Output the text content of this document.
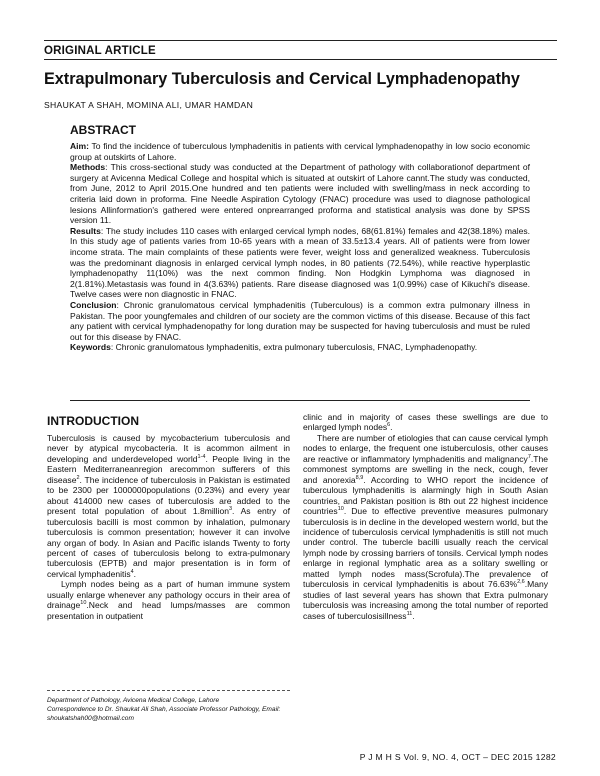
ORIGINAL ARTICLE
Extrapulmonary Tuberculosis and Cervical Lymphadenopathy
SHAUKAT A SHAH, MOMINA ALI, UMAR HAMDAN
ABSTRACT

Aim: To find the incidence of tuberculous lymphadenitis in patients with cervical lymphadenopathy in low socio economic group at outskirts of Lahore.

Methods: This cross-sectional study was conducted at the Department of pathology with collaborationof department of surgery at Avicenna Medical College and hospital which is situated at outskirt of Lahore cannt.The study was conducted, from June, 2012 to April 2015.One hundred and ten patients were included with swelling/mass in neck according to criteria laid down in proforma. Fine Needle Aspiration Cytology (FNAC) procedure was used to diagnose pathological lesions Allinformation's gathered were entered onprearranged proforma and statistical analysis was done by SPSS version 11.

Results: The study includes 110 cases with enlarged cervical lymph nodes, 68(61.81%) females and 42(38.18%) males. In this study age of patients varies from 10-65 years with a mean of 33.5±13.4 years. All of patients were from lower income strata. The main complaints of these patients were fever, weight loss and generalized weakness. Tuberculosis was the predominant diagnosis in enlarged cervical lymph nodes, in 80 patients (72.54%), while reactive hyperplastic lymphadenopathy 11(10%) was the next common finding. Non Hodgkin Lymphoma was diagnosed in 2(1.81%).Metastasis was found in 4(3.63%) patients. Rare disease diagnosed was 1(0.99%) case of Kikuchi's disease. Twelve cases were non diagnostic in FNAC.

Conclusion: Chronic granulomatous cervical lymphadenitis (Tuberculous) is a common extra pulmonary illness in Pakistan. The poor youngfemales and children of our society are the common victims of this disease. Because of this fact any patient with cervical lymphadenopathy for long duration may be suspected for having tuberculosis and must be ruled out for this disease by FNAC.

Keywords: Chronic granulomatous lymphadenitis, extra pulmonary tuberculosis, FNAC, Lymphadenopathy.

INTRODUCTION

Tuberculosis is caused by mycobacterium tuberculosis and never by atypical mycobacteria. It is acommon ailment in developing and underdeveloped world$^{1-4}$. People living in the Eastern Mediterraneanregion arecommon sufferers of this disease$^2$. The incidence of tuberculosis in Pakistan is estimated to be 2300 per 1000000populations (0.23%) and every year about 414000 new cases of tuberculosis are added to the present total population of about 1.8million$^3$. As entry of tuberculosis bacilli is most common by inhalation, pulmonary tuberculosis is common presentation; however it can involve any organ of body. In Asian and Pacific islands Twenty to forty percent of cases of tuberculosis belong to extra-pulmonary tuberculosis (EPTB) and major presentation is in form of cervical lymphadenitis$^4$.

Lymph nodes being as a part of human immune system usually enlarge whenever any pathology occurs in their area of drainage$^{10}$.Neck and head lumps/masses are common presentation in outpatient

clinic and in majority of cases these swellings are due to enlarged lymph nodes$^6$.

There are number of etiologies that can cause cervical lymph nodes to enlarge, the frequent one istuberculosis, other causes are reactive or inflammatory lymphadenitis and malignancy$^7$.The commonest symptoms are swelling in the neck, cough, fever and anorexia$^{8,9}$. According to WHO report the incidence of tuberculous lymphadenitis is alarmingly high in South Asian countries, and Pakistan position is 8th out 22 highest incidence countries$^{10}$. Due to effective preventive measures pulmonary tuberculosis is in decline in the developed western world, but the incidence of tuberculosis cervical lymphadenitis is still not much under control. The tubercle bacilli usually reach the cervical lymph node by crossing barriers of tonsils. Cervical lymph nodes enlarge in regional lymphatic area as a solitary swelling or matted lymph nodes mass(Scrofula).The prevalence of tuberculosis in cervical lymphadenitis is about 76.63%$^{2,6}$.Many studies of last several years has shown that Extra pulmonary tuberculosis was increasing among the total number of reported cases of tuberculosisillness$^{11}$.

Department of Pathology, Avicena Medical College, Lahore

Correspondence to Dr. Shaukat Ali Shah, Associate Professor Pathology, Email: shoukatshah00@hotmail.com

P J M H S Vol. 9, NO. 4, OCT – DEC 2015 1282
